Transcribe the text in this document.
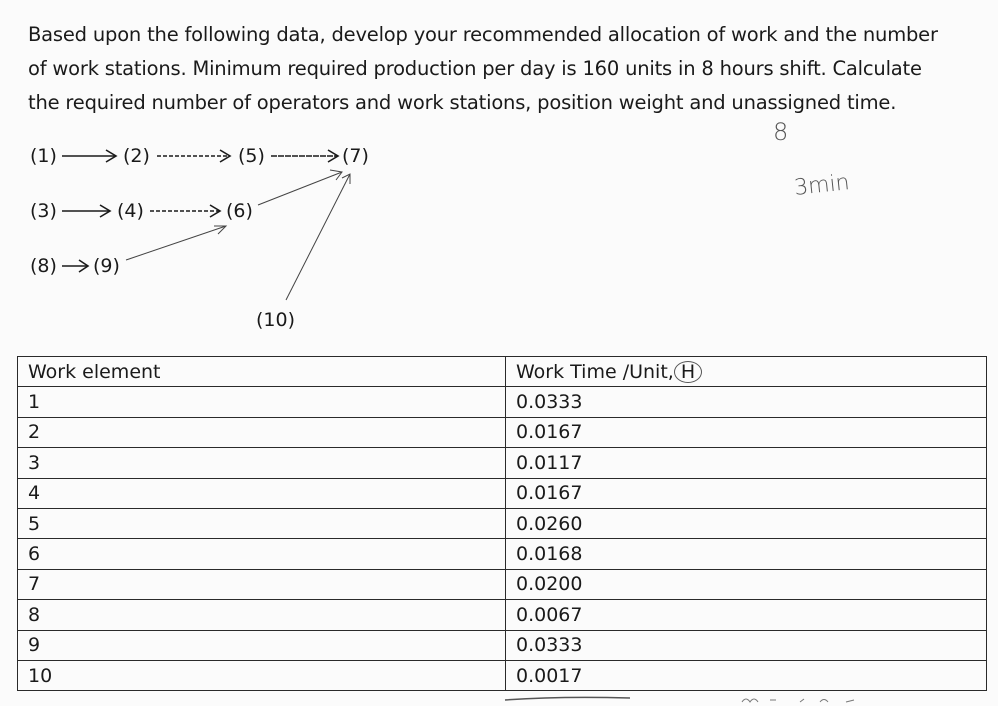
Based upon the following data, develop your recommended allocation of work and the number
of work stations. Minimum required production per day is 160 units in 8 hours shift. Calculate
the required number of operators and work stations, position weight and unassigned time.
(1)	(2)	(5)	(7)
(3)	(4)	(6)
(8) (9)
(10)
8
3min
Work element	Work Time /Unit, H
1	0.0333
2	0.0167
3	0.0117
4	0.0167
5	0.0260
6	0.0168
7	0.0200
8	0.0067
9	0.0333
10	0.0017
